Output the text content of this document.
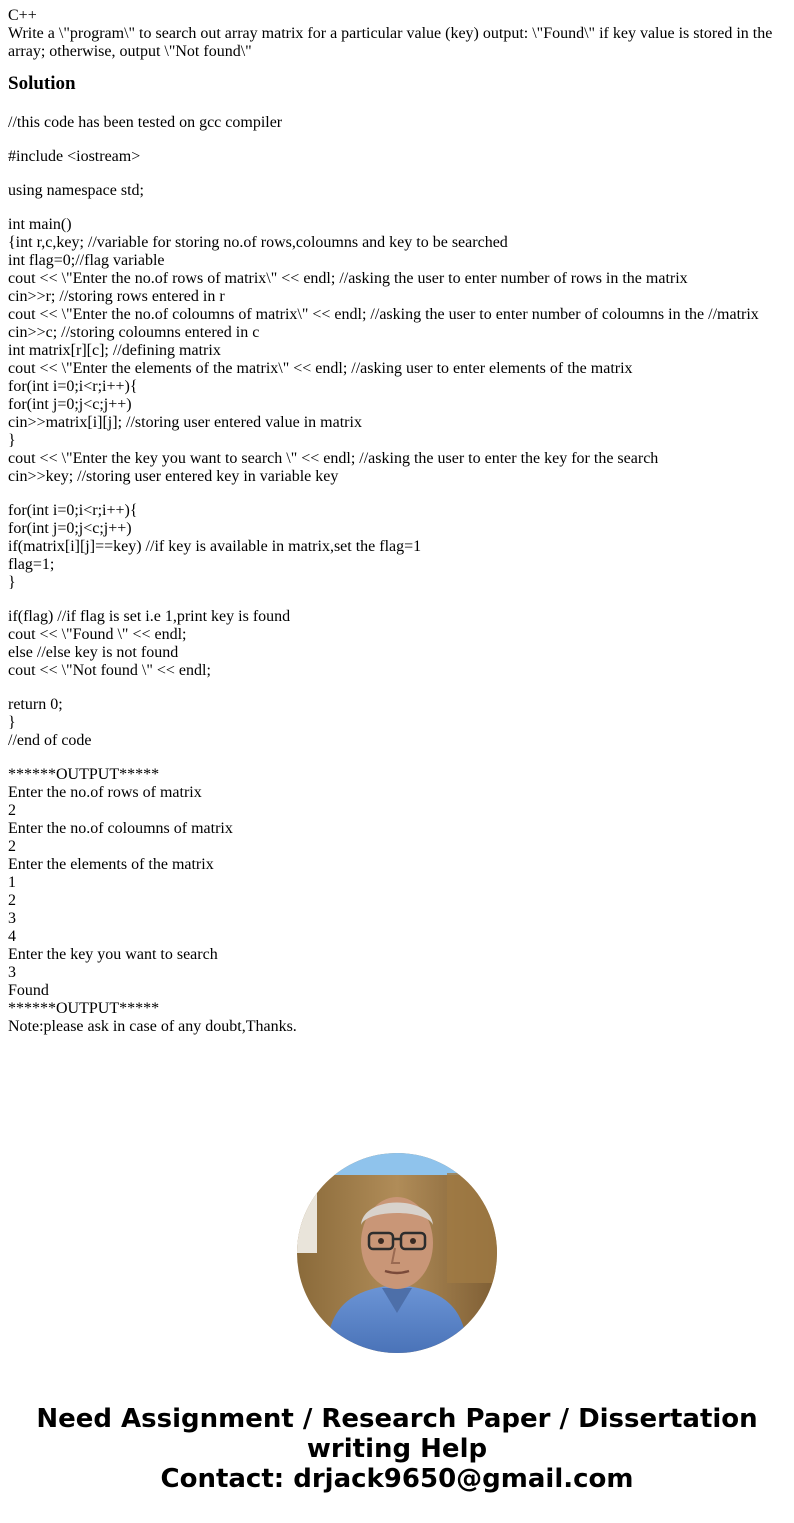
C++
Write a \"program\" to search out array matrix for a particular value (key) output: \"Found\" if key value is stored in the array; otherwise, output \"Not found\"
Solution
//this code has been tested on gcc compiler
#include <iostream>
using namespace std;
int main()
{int r,c,key; //variable for storing no.of rows,coloumns and key to be searched
int flag=0;//flag variable
cout << \"Enter the no.of rows of matrix\" << endl; //asking the user to enter number of rows in the matrix
cin>>r; //storing rows entered in r
cout << \"Enter the no.of coloumns of matrix\" << endl; //asking the user to enter number of coloumns in the //matrix
cin>>c; //storing coloumns entered in c
int matrix[r][c]; //defining matrix
cout << \"Enter the elements of the matrix\" << endl; //asking user to enter elements of the matrix
for(int i=0;i<r;i++){
for(int j=0;j<c;j++)
cin>>matrix[i][j]; //storing user entered value in matrix
}
cout << \"Enter the key you want to search \" << endl; //asking the user to enter the key for the search
cin>>key; //storing user entered key in variable key
for(int i=0;i<r;i++){
for(int j=0;j<c;j++)
if(matrix[i][j]==key) //if key is available in matrix,set the flag=1
flag=1;
}
if(flag) //if flag is set i.e 1,print key is found
cout << \"Found \" << endl;
else //else key is not found
cout << \"Not found \" << endl;
return 0;
}
//end of code
******OUTPUT*****
Enter the no.of rows of matrix
2
Enter the no.of coloumns of matrix
2
Enter the elements of the matrix
1
2
3
4
Enter the key you want to search
3
Found
******OUTPUT*****
Note:please ask in case of any doubt,Thanks.
Need Assignment / Research Paper / Dissertation
writing Help
Contact: drjack9650@gmail.com
